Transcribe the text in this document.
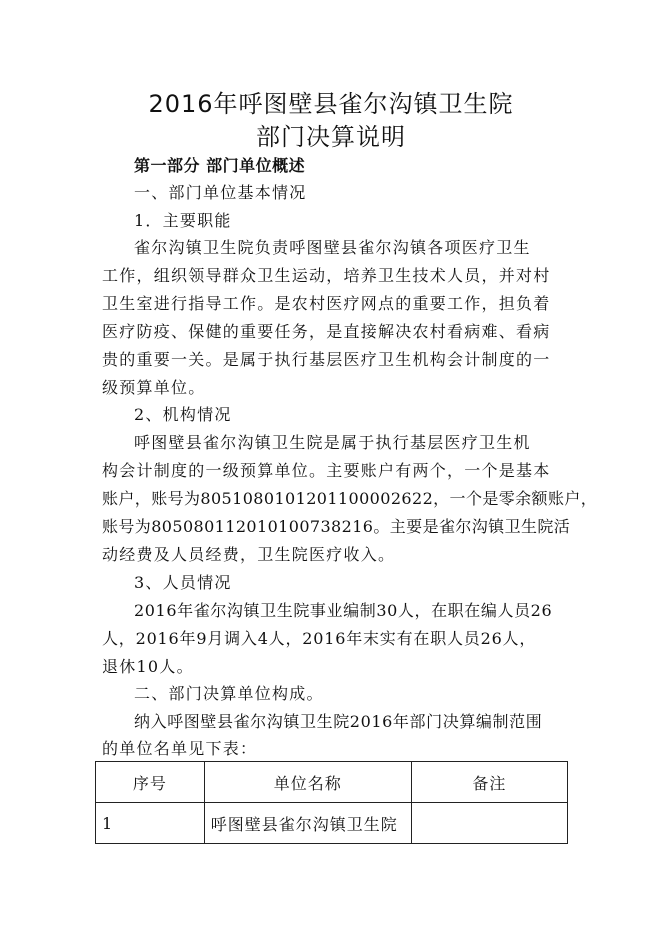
2016年呼图壁县雀尔沟镇卫生院
部门决算说明
第一部分 部门单位概述
一、部门单位基本情况
1．主要职能
雀尔沟镇卫生院负责呼图壁县雀尔沟镇各项医疗卫生
工作，组织领导群众卫生运动，培养卫生技术人员，并对村
卫生室进行指导工作。是农村医疗网点的重要工作，担负着
医疗防疫、保健的重要任务，是直接解决农村看病难、看病
贵的重要一关。是属于执行基层医疗卫生机构会计制度的一
级预算单位。
2、机构情况
呼图壁县雀尔沟镇卫生院是属于执行基层医疗卫生机
构会计制度的一级预算单位。主要账户有两个，一个是基本
账户，账号为8051080101201100002622，一个是零余额账户，
账号为80508011201010073821​6。主要是雀尔沟镇卫生院活
动经费及人员经费，卫生院医疗收入。
3、人员情况
2016年雀尔沟镇卫生院事业编制30人，在职在编人员26
人，2016年9月调入4人，2016年末实有在职人员26人，
退休10人。
二、部门决算单位构成。
纳入呼图壁县雀尔沟镇卫生院2016年部门决算编制范围
的单位名单见下表：
序号	单位名称	备注
1	呼图壁县雀尔沟镇卫生院	
